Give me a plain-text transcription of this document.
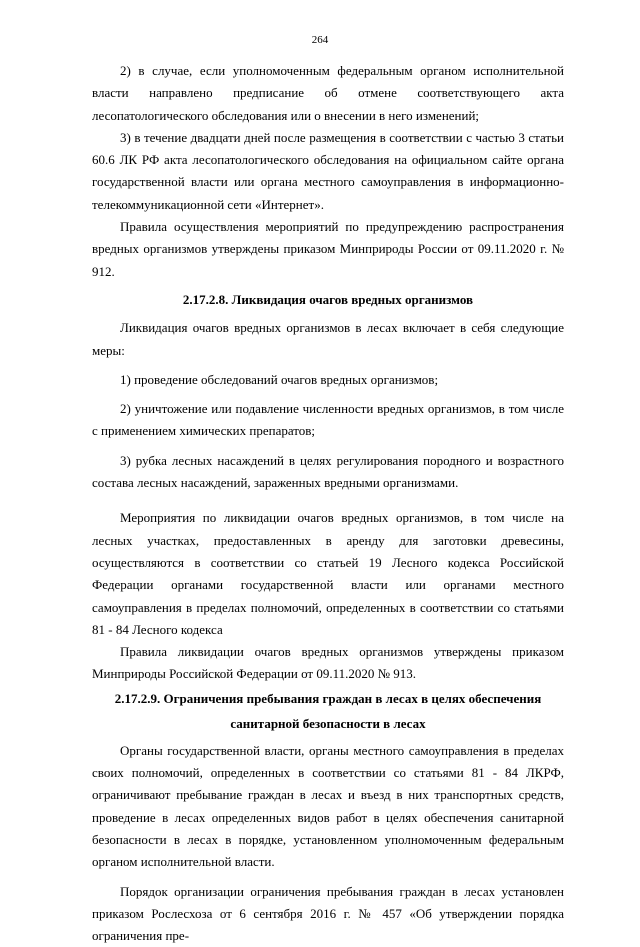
264

2) в случае, если уполномоченным федеральным органом исполнительной власти направлено предписание об отмене соответствующего акта лесопатологического обследования или о внесении в него изменений;

3) в течение двадцати дней после размещения в соответствии с частью 3 статьи 60.6 ЛК РФ акта лесопатологического обследования на официальном сайте органа государственной власти или органа местного самоуправления в информационно-телекоммуникационной сети «Интернет».

Правила осуществления мероприятий по предупреждению распространения вредных организмов утверждены приказом Минприроды России от 09.11.2020 г. № 912.

2.17.2.8. Ликвидация очагов вредных организмов

Ликвидация очагов вредных организмов в лесах включает в себя следующие меры:

1) проведение обследований очагов вредных организмов;

2) уничтожение или подавление численности вредных организмов, в том числе с применением химических препаратов;

3) рубка лесных насаждений в целях регулирования породного и возрастного состава лесных насаждений, зараженных вредными организмами.

Мероприятия по ликвидации очагов вредных организмов, в том числе на лесных участках, предоставленных в аренду для заготовки древесины, осуществляются в соответствии со статьей 19 Лесного кодекса Российской Федерации органами государственной власти или органами местного самоуправления в пределах полномочий, определенных в соответствии со статьями 81 - 84 Лесного кодекса

Правила ликвидации очагов вредных организмов утверждены приказом Минприроды Российской Федерации от 09.11.2020 № 913.

2.17.2.9. Ограничения пребывания граждан в лесах в целях обеспечения санитарной безопасности в лесах

Органы государственной власти, органы местного самоуправления в пределах своих полномочий, определенных в соответствии со статьями 81 - 84 ЛКРФ, ограничивают пребывание граждан в лесах и въезд в них транспортных средств, проведение в лесах определенных видов работ в целях обеспечения санитарной безопасности в лесах в порядке, установленном уполномоченным федеральным органом исполнительной власти.

Порядок организации ограничения пребывания граждан в лесах установлен приказом Рослесхоза от 6 сентября 2016 г. № 457 «Об утверждении порядка ограничения пре-
